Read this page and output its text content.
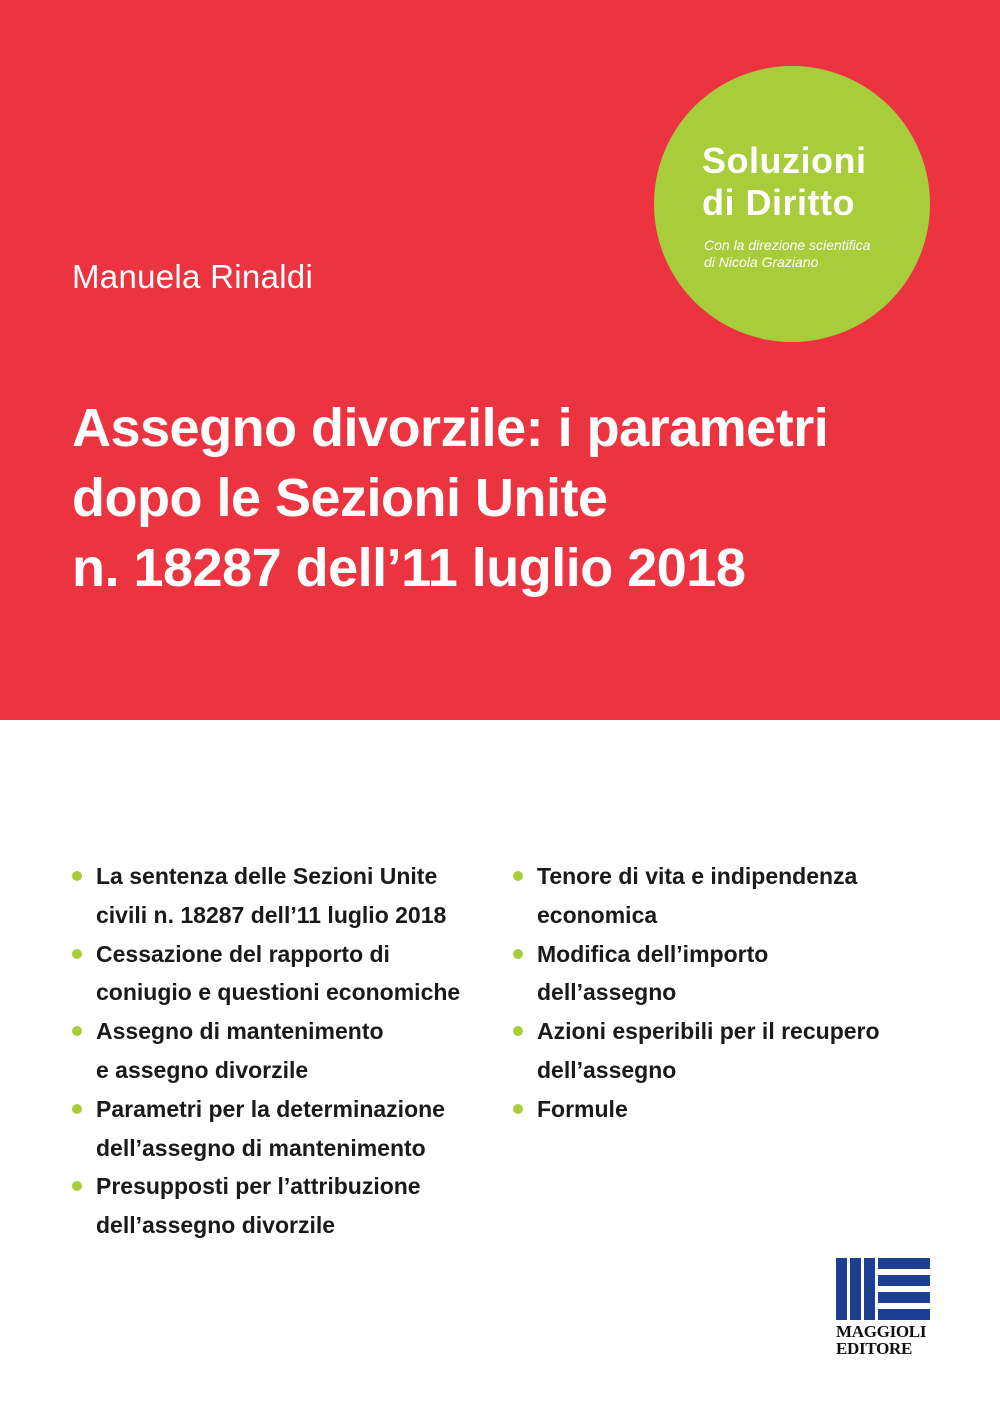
Soluzioni
di Diritto
Con la direzione scientifica
di Nicola Graziano
Manuela Rinaldi
Assegno divorzile: i parametri
dopo le Sezioni Unite
n. 18287 dell’11 luglio 2018
La sentenza delle Sezioni Unite
civili n. 18287 dell’11 luglio 2018
Cessazione del rapporto di
coniugio e questioni economiche
Assegno di mantenimento
e assegno divorzile
Parametri per la determinazione
dell’assegno di mantenimento
Presupposti per l’attribuzione
dell’assegno divorzile
Tenore di vita e indipendenza
economica
Modifica dell’importo
dell’assegno
Azioni esperibili per il recupero
dell’assegno
Formule
MAGGIOLI
EDITORE
